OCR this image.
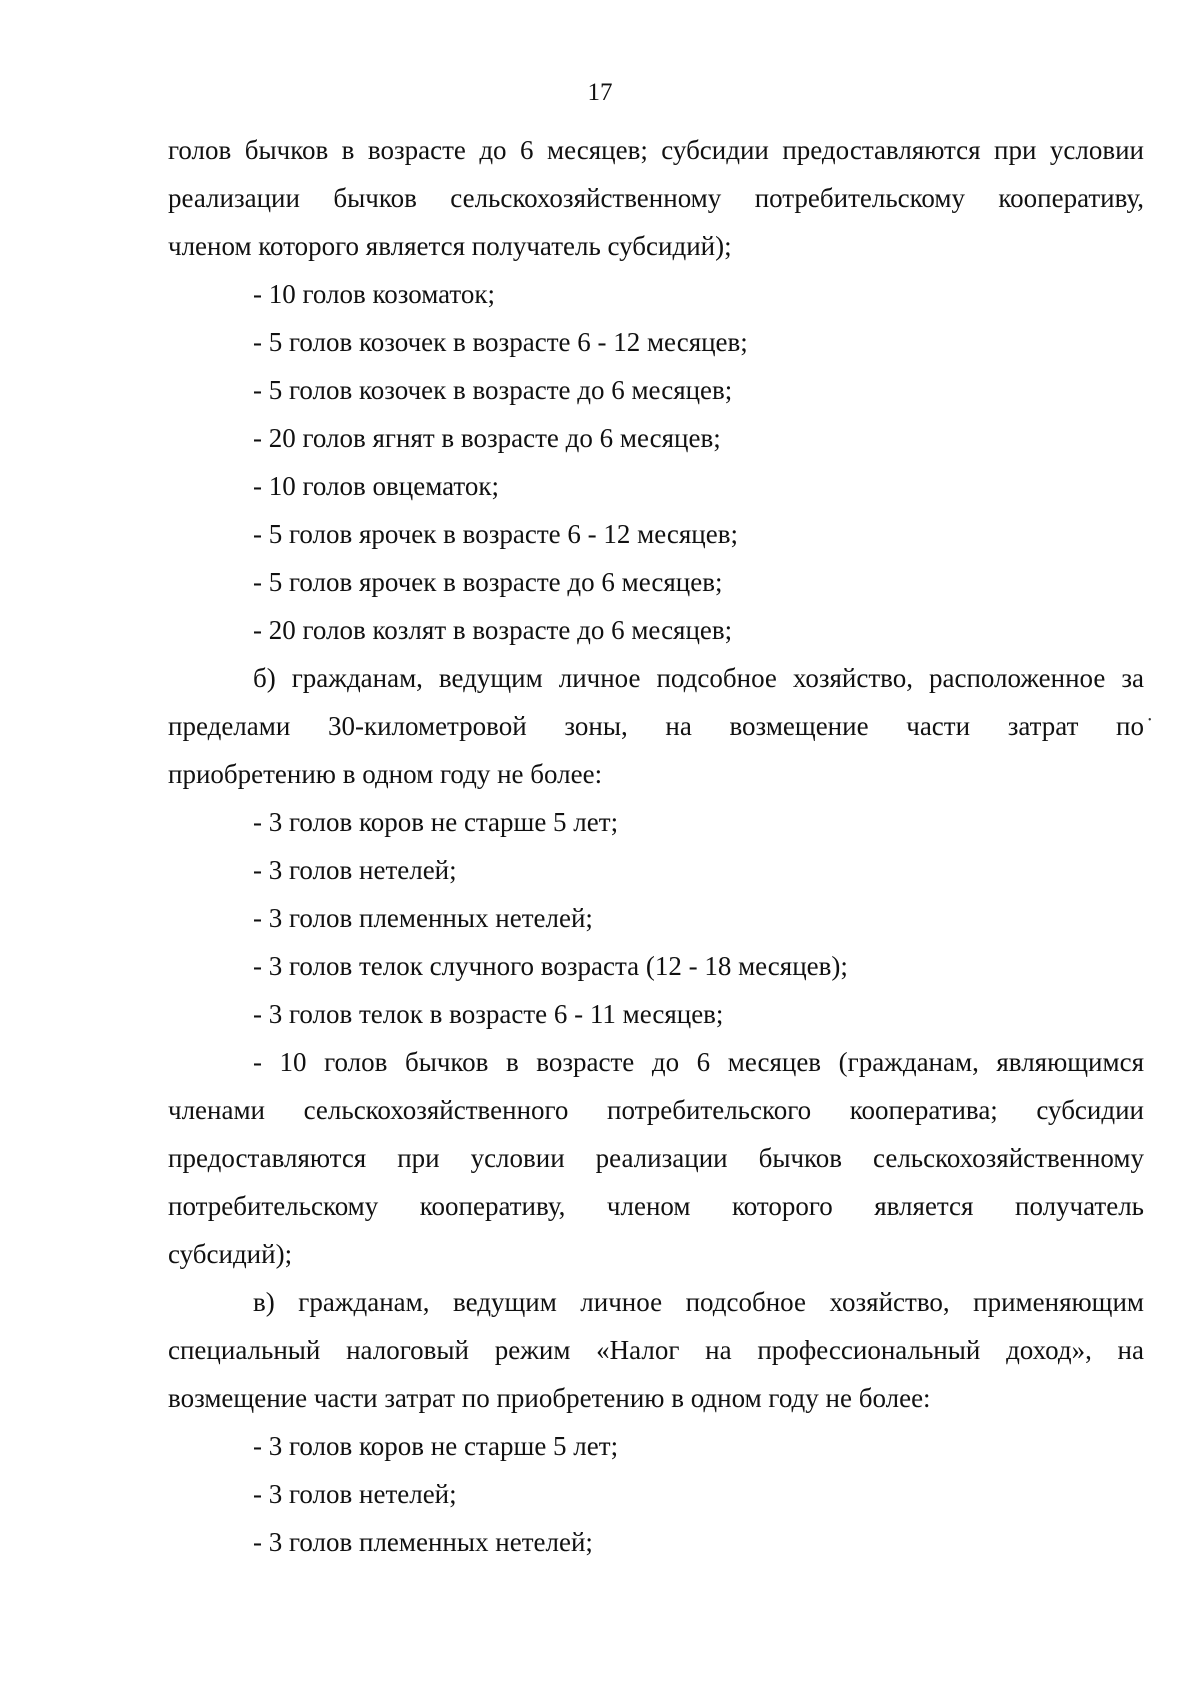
17
голов бычков в возрасте до 6 месяцев; субсидии предоставляются при условии
реализации бычков сельскохозяйственному потребительскому кооперативу,
членом которого является получатель субсидий);
- 10 голов козоматок;
- 5 голов козочек в возрасте 6 - 12 месяцев;
- 5 голов козочек в возрасте до 6 месяцев;
- 20 голов ягнят в возрасте до 6 месяцев;
- 10 голов овцематок;
- 5 голов ярочек в возрасте 6 - 12 месяцев;
- 5 голов ярочек в возрасте до 6 месяцев;
- 20 голов козлят в возрасте до 6 месяцев;
б) гражданам, ведущим личное подсобное хозяйство, расположенное за
пределами 30-километровой зоны, на возмещение части затрат по
приобретению в одном году не более:
- 3 голов коров не старше 5 лет;
- 3 голов нетелей;
- 3 голов племенных нетелей;
- 3 голов телок случного возраста (12 - 18 месяцев);
- 3 голов телок в возрасте 6 - 11 месяцев;
- 10 голов бычков в возрасте до 6 месяцев (гражданам, являющимся
членами сельскохозяйственного потребительского кооператива; субсидии
предоставляются при условии реализации бычков сельскохозяйственному
потребительскому кооперативу, членом которого является получатель
субсидий);
в) гражданам, ведущим личное подсобное хозяйство, применяющим
специальный налоговый режим «Налог на профессиональный доход», на
возмещение части затрат по приобретению в одном году не более:
- 3 голов коров не старше 5 лет;
- 3 голов нетелей;
- 3 голов племенных нетелей;
•
